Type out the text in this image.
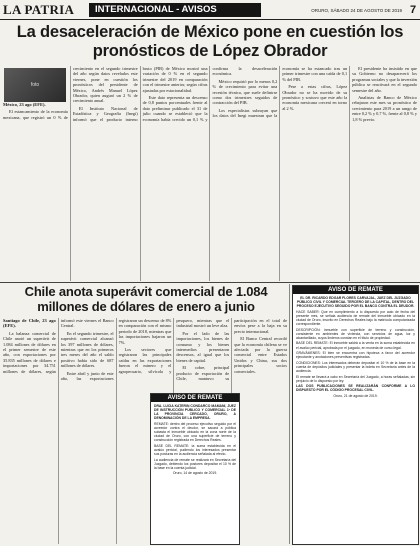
LA PATRIA	INTERNACIONAL - AVISOS	ORURO, SÁBADO 24 DE AGOSTO DE 2019 7
La desaceleración de México pone en cuestión los pronósticos de López Obrador
México, 23 ago (EFE).

El estancamiento de la economía mexicana, que registró un 0 % de crecimiento en el segundo trimestre del año según datos revelados este viernes, pone en cuestión los pronósticos del presidente de México, Andrés Manuel López Obrador, quien auguró un 2 % de crecimiento anual.

El Instituto Nacional de Estadística y Geografía (Inegi) informó que el producto interno bruto (PIB) de México mostró una variación de 0 % en el segundo trimestre del 2019 en comparación con el trimestre anterior, según cifras ajustadas por estacionalidad.

Este dato representa un descenso de 0,8 puntos porcentuales frente al dato preliminar publicado el 31 de julio cuando se estableció que la economía había crecido un 0,1 % y confirma la desaceleración económica.

México requirió por lo menos 0,2 % de crecimiento para evitar una recesión técnica, que suele definirse como dos trimestres seguidos de contracción del PIB.

Los especialistas subrayan que los datos del Inegi muestran que la economía se ha estancado tras un primer trimestre con una caída de 0,1 % del PIB.

Pese a estas cifras, López Obrador no se ha movido de su pronóstico y sostuvo que este año la economía mexicana crecerá en torno al 2 %.

El presidente ha insistido en que su Gobierno no desaparecerá los programas sociales y que la inversión pública se reactivará en el segundo semestre del año.

Analistas de Banco de México rebajaron este mes su pronóstico de crecimiento para 2019 a un rango de entre 0,2 % y 0,7 %, frente al 0,8 % y 1,8 % previo.

foto
Chile anota superávit comercial de 1.084 millones de dólares de enero a junio
Santiago de Chile, 23 ago (EFE).

La balanza comercial de Chile anotó un superávit de 1.084 millones de dólares en el primer semestre de este año, con exportaciones por 35.835 millones de dólares e importaciones por 34.751 millones de dólares, según informó este viernes el Banco Central.

En el segundo trimestre, el superávit comercial alcanzó los 397 millones de dólares, mientras que en los primeros tres meses del año el saldo positivo había sido de 687 millones de dólares.

Entre abril y junio de este año, las exportaciones registraron un descenso de 8% en comparación con el mismo periodo de 2018, mientras que las importaciones bajaron un 7%.

Los sectores que registraron las principales caídas en las exportaciones fueron el minero y el agropecuario, silvícola y pesquero, mientras que el industrial mostró un leve alza.

Por el lado de las importaciones, los bienes de consumo y los bienes intermedios presentaron descensos, al igual que los bienes de capital.

El cobre, principal producto de exportación de Chile, mantuvo su participación en el total de envíos pese a la baja en su precio internacional.

El Banco Central recordó que la economía chilena se ve afectada por la guerra comercial entre Estados Unidos y China, sus dos principales socios comerciales.

AVISO DE REMATE

DRA. LUCIA KATERIN CONDARCO MAMANI, JUEZ DE INSTRUCCIÓN PÚBLICO Y COMERCIAL 1º DE LA PROVINCIA CERCADO, ORURO, A DENOMINACIÓN DE LA EMPRESA.

REMATE: dentro del proceso ejecutivo seguido por el acreedor contra el deudor, se sacará a pública subasta el inmueble ubicado en la zona norte de la ciudad de Oruro, con una superficie de terreno y construcción registrada en Derechos Reales.

BASE DEL REMATE: la suma establecida en el avalúo pericial, pudiendo los interesados presentar sus posturas en la audiencia señalada al efecto.

La audiencia de remate se realizará en Secretaría del Juzgado, debiendo los postores depositar el 10 % de la base en la cuenta judicial.

Oruro, 14 de agosto de 2019.

AVISO DE REMATE

EL DR. RICARDO EDGAR FLORES CARVAJAL, JUEZ DEL JUZGADO PÚBLICO CIVIL Y COMERCIAL TERCERO DE LA CAPITAL, DENTRO DEL PROCESO EJECUTIVO SEGUIDO POR EL BANCO CONTRA EL DEUDOR.

HACE SABER: Que en cumplimiento a lo dispuesto por auto de fecha del presente mes, se señala audiencia de remate del inmueble ubicado en la ciudad de Oruro, inscrito en Derechos Reales bajo la matrícula computarizada correspondiente.

DESCRIPCIÓN: inmueble con superficie de terreno y construcción, consistente en ambientes de vivienda, con servicios de agua, luz y alcantarillado, cuyos linderos constan en el título de propiedad.

BASE DEL REMATE: El inmueble saldrá a la venta en la suma establecida en el avalúo pericial, aprobada por el juzgado, en moneda de curso legal.

GRAVÁMENES: El bien se encuentra con hipoteca a favor del acreedor ejecutante y anotaciones preventivas registradas.

CONDICIONES: Los interesados deberán depositar el 10 % de la base en la cuenta de depósitos judiciales y presentar la boleta en Secretaría antes de la audiencia.

El remate se llevará a cabo en Secretaría del Juzgado, a horas señaladas, sin perjuicio de lo dispuesto por ley.

LAS DOS PUBLICACIONES SE REALIZARÁN CONFORME A LO DISPUESTO POR EL CÓDIGO PROCESAL CIVIL.

Oruro, 21 de agosto de 2019.
